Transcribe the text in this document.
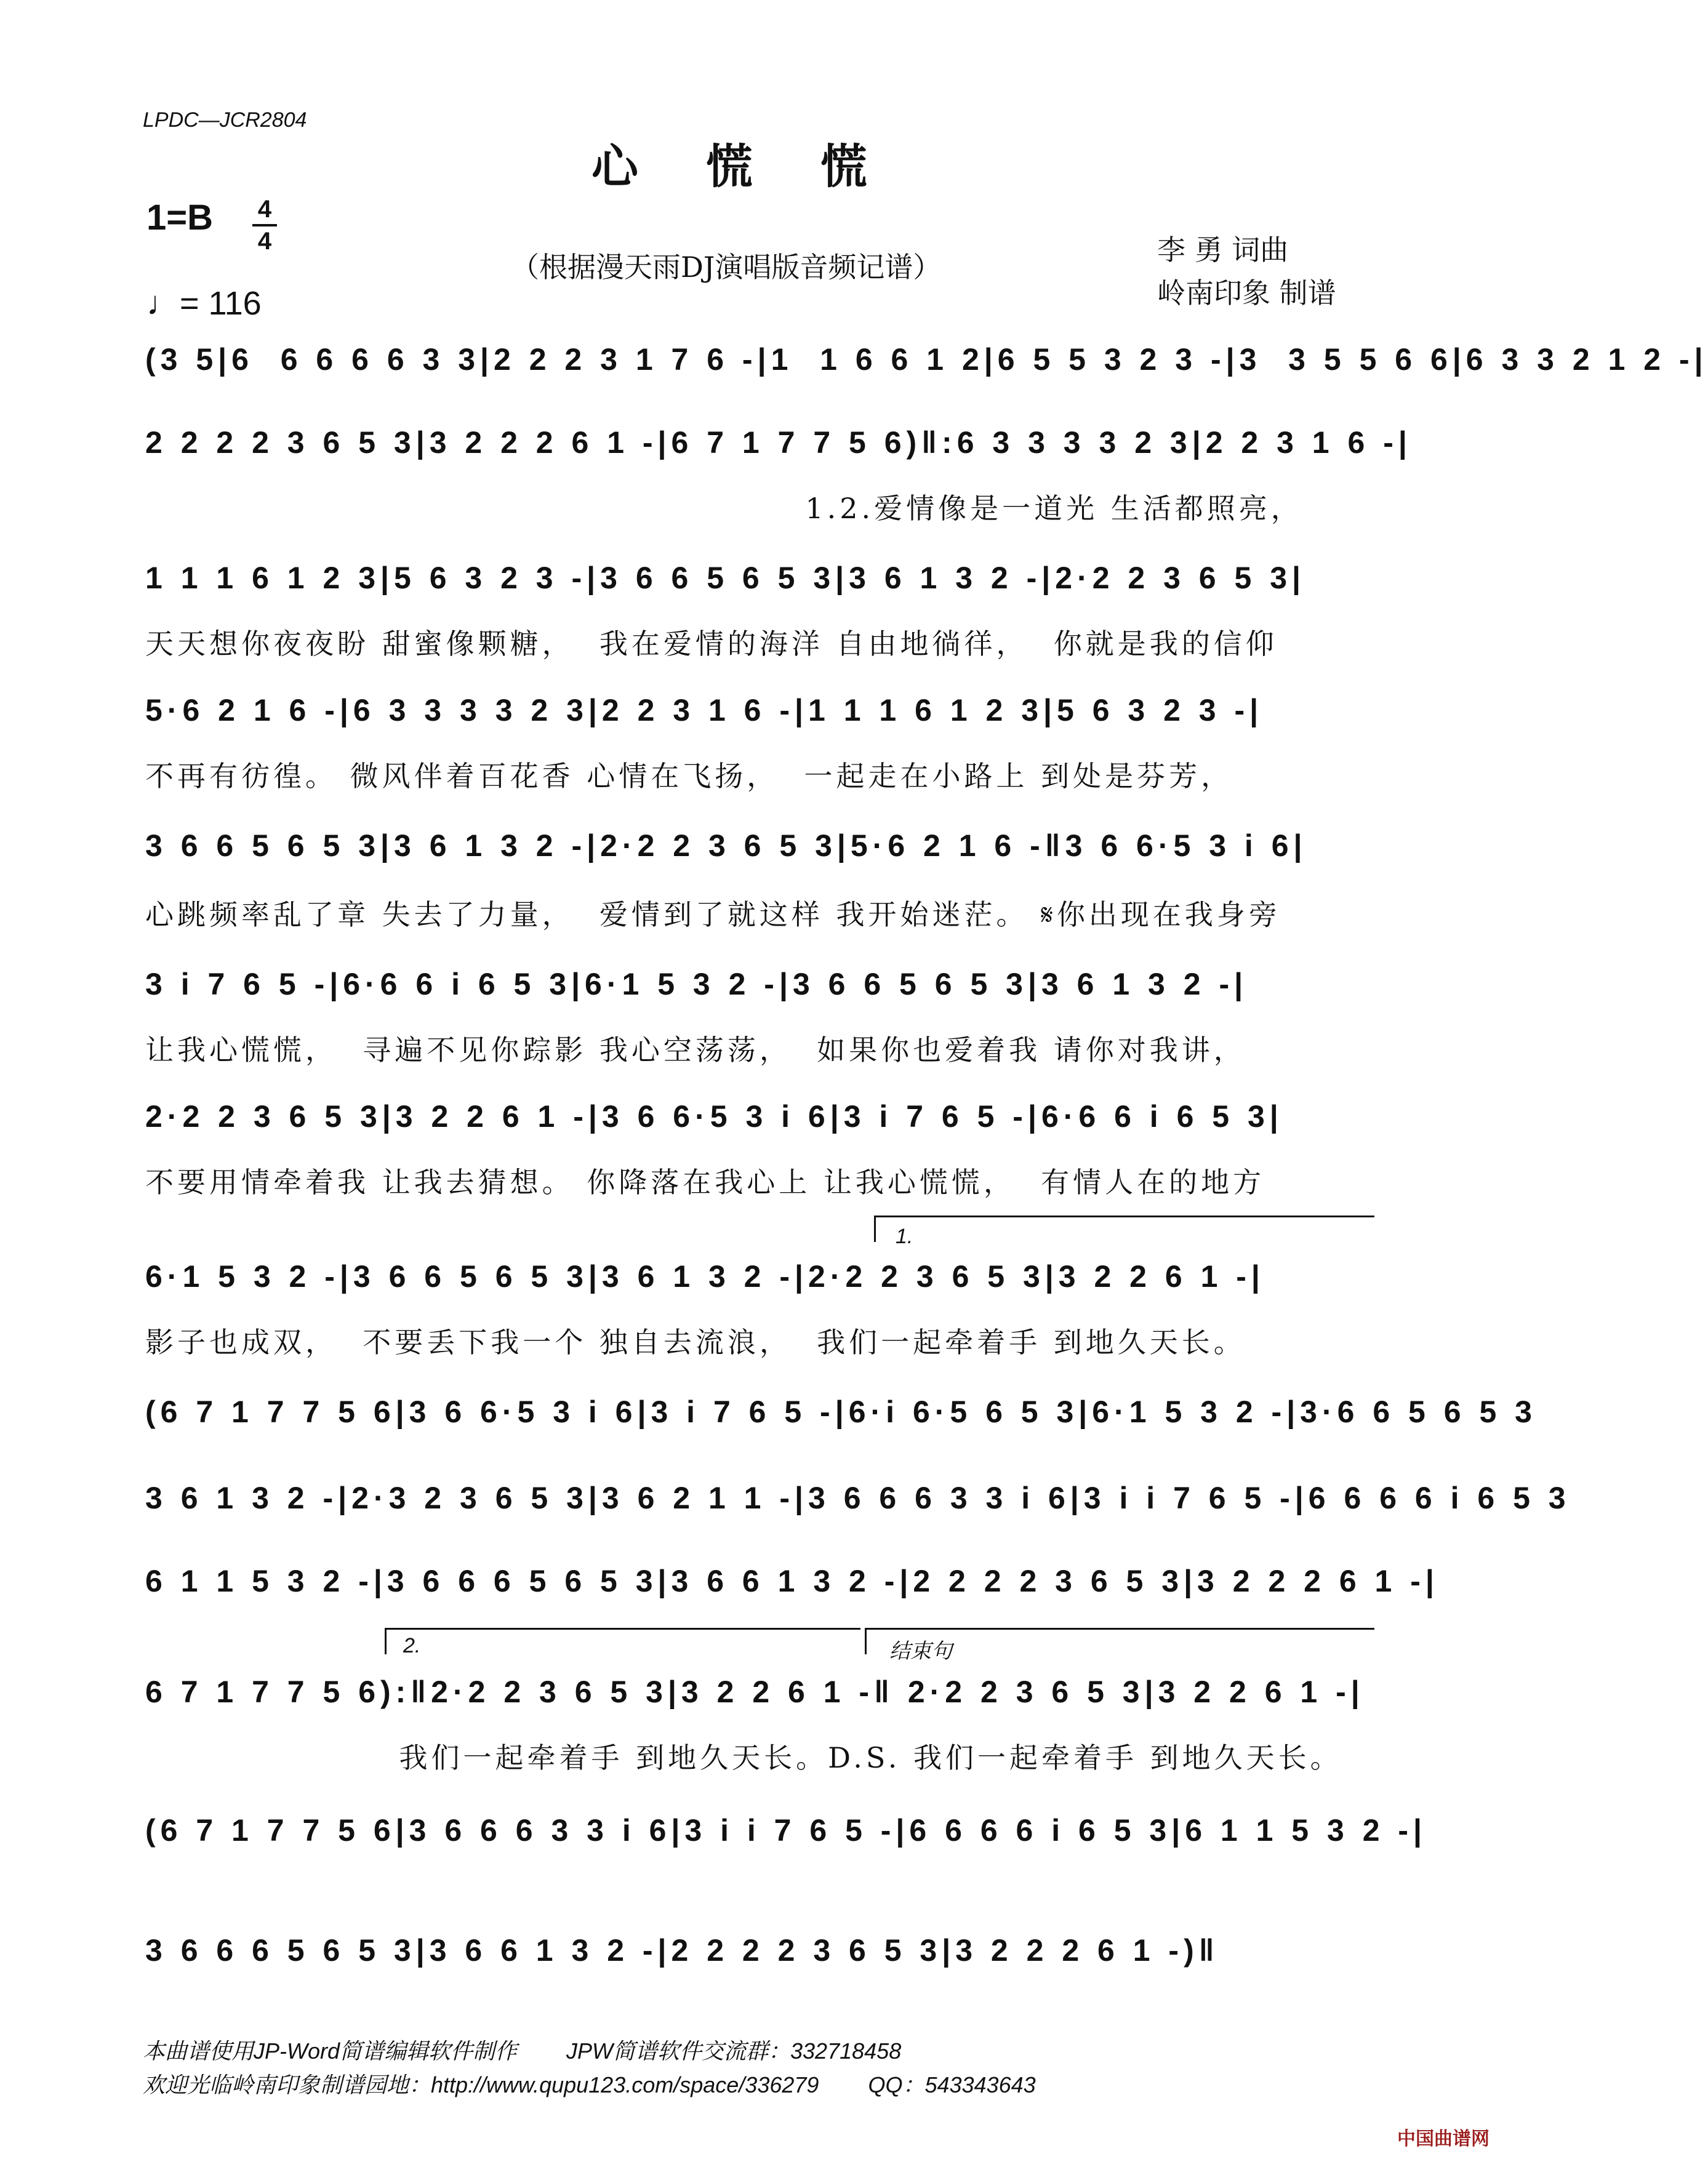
LPDC—JCR2804
心慌慌
1=B 4
4
♩= 116
（根据漫天雨DJ演唱版音频记谱）
李 勇 词曲
岭南印象 制谱
(3 5|6  6 6 6 6 3 3|2 2 2 3 1 7 6 -|1  1 6 6 1 2|6 5 5 3 2 3 -|3  3 5 5 6 6|6 3 3 2 1 2 -|
2 2 2 2 3 6 5 3|3 2 2 2 6 1 -|6 7 1 7 7 5 6)‖:6 3 3 3 3 2 3|2 2 3 1 6 -|
1.2.爱情像是一道光 生活都照亮，
1 1 1 6 1 2 3|5 6 3 2 3 -|3 6 6 5 6 5 3|3 6 1 3 2 -|2·2 2 3 6 5 3|
天天想你夜夜盼 甜蜜像颗糖，  我在爱情的海洋 自由地徜徉，  你就是我的信仰
5·6 2 1 6 -|6 3 3 3 3 2 3|2 2 3 1 6 -|1 1 1 6 1 2 3|5 6 3 2 3 -|
不再有彷徨。 微风伴着百花香 心情在飞扬，  一起走在小路上 到处是芬芳，
3 6 6 5 6 5 3|3 6 1 3 2 -|2·2 2 3 6 5 3|5·6 2 1 6 -‖3 6 6·5 3 i 6|
心跳频率乱了章 失去了力量，  爱情到了就这样 我开始迷茫。 𝄋你出现在我身旁
3 i 7 6 5 -|6·6 6 i 6 5 3|6·1 5 3 2 -|3 6 6 5 6 5 3|3 6 1 3 2 -|
让我心慌慌，  寻遍不见你踪影 我心空荡荡，  如果你也爱着我 请你对我讲，
2·2 2 3 6 5 3|3 2 2 6 1 -|3 6 6·5 3 i 6|3 i 7 6 5 -|6·6 6 i 6 5 3|
不要用情牵着我 让我去猜想。 你降落在我心上 让我心慌慌，  有情人在的地方
1.
6·1 5 3 2 -|3 6 6 5 6 5 3|3 6 1 3 2 -|2·2 2 3 6 5 3|3 2 2 6 1 -|
影子也成双，  不要丢下我一个 独自去流浪，  我们一起牵着手 到地久天长。
(6 7 1 7 7 5 6|3 6 6·5 3 i 6|3 i 7 6 5 -|6·i 6·5 6 5 3|6·1 5 3 2 -|3·6 6 5 6 5 3
3 6 1 3 2 -|2·3 2 3 6 5 3|3 6 2 1 1 -|3 6 6 6 3 3 i 6|3 i i 7 6 5 -|6 6 6 6 i 6 5 3
6 1 1 5 3 2 -|3 6 6 6 5 6 5 3|3 6 6 1 3 2 -|2 2 2 2 3 6 5 3|3 2 2 2 6 1 -|
2.	结束句
6 7 1 7 7 5 6):‖2·2 2 3 6 5 3|3 2 2 6 1 -‖ 2·2 2 3 6 5 3|3 2 2 6 1 -|
我们一起牵着手 到地久天长。D.S. 我们一起牵着手 到地久天长。
(6 7 1 7 7 5 6|3 6 6 6 3 3 i 6|3 i i 7 6 5 -|6 6 6 6 i 6 5 3|6 1 1 5 3 2 -|
3 6 6 6 5 6 5 3|3 6 6 1 3 2 -|2 2 2 2 3 6 5 3|3 2 2 2 6 1 -)‖
本曲谱使用JP-Word简谱编辑软件制作        JPW简谱软件交流群：332718458
欢迎光临岭南印象制谱园地：http://www.qupu123.com/space/336279        QQ：543343643
中国曲谱网
